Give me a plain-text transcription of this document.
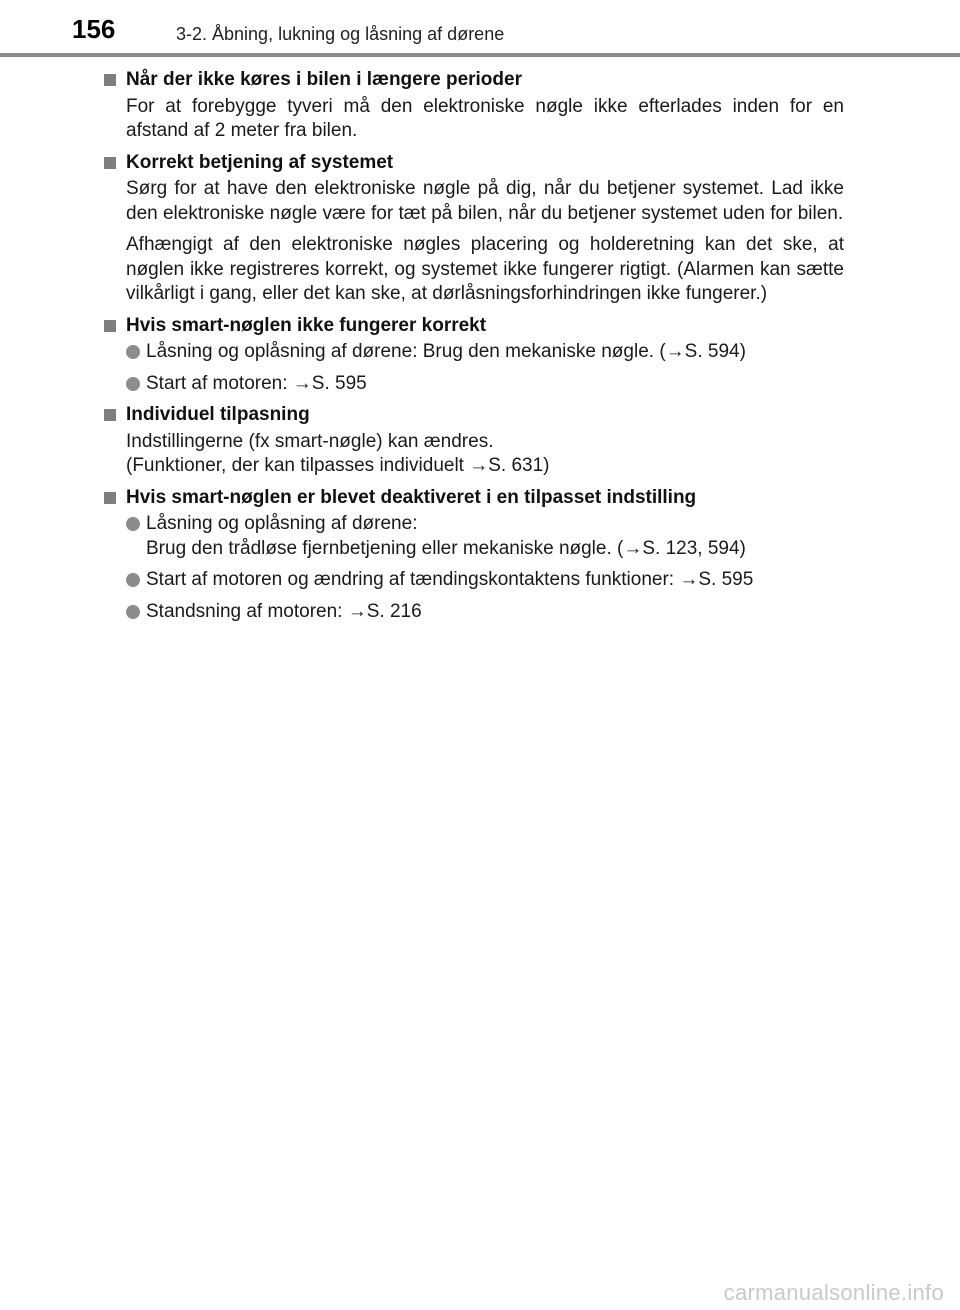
156	3-2. Åbning, lukning og låsning af dørene
Når der ikke køres i bilen i længere perioder
For at forebygge tyveri må den elektroniske nøgle ikke efterlades inden for en afstand af 2 meter fra bilen.
Korrekt betjening af systemet
Sørg for at have den elektroniske nøgle på dig, når du betjener systemet. Lad ikke den elektroniske nøgle være for tæt på bilen, når du betjener systemet uden for bilen.
Afhængigt af den elektroniske nøgles placering og holderetning kan det ske, at nøglen ikke registreres korrekt, og systemet ikke fungerer rigtigt. (Alarmen kan sætte vilkårligt i gang, eller det kan ske, at dørlåsningsforhindringen ikke fungerer.)
Hvis smart-nøglen ikke fungerer korrekt
Låsning og oplåsning af dørene: Brug den mekaniske nøgle. (→S. 594)
Start af motoren: →S. 595
Individuel tilpasning
Indstillingerne (fx smart-nøgle) kan ændres.
(Funktioner, der kan tilpasses individuelt →S. 631)
Hvis smart-nøglen er blevet deaktiveret i en tilpasset indstilling
Låsning og oplåsning af dørene:
Brug den trådløse fjernbetjening eller mekaniske nøgle. (→S. 123, 594)
Start af motoren og ændring af tændingskontaktens funktioner: →S. 595
Standsning af motoren: →S. 216
carmanualsonline.info
